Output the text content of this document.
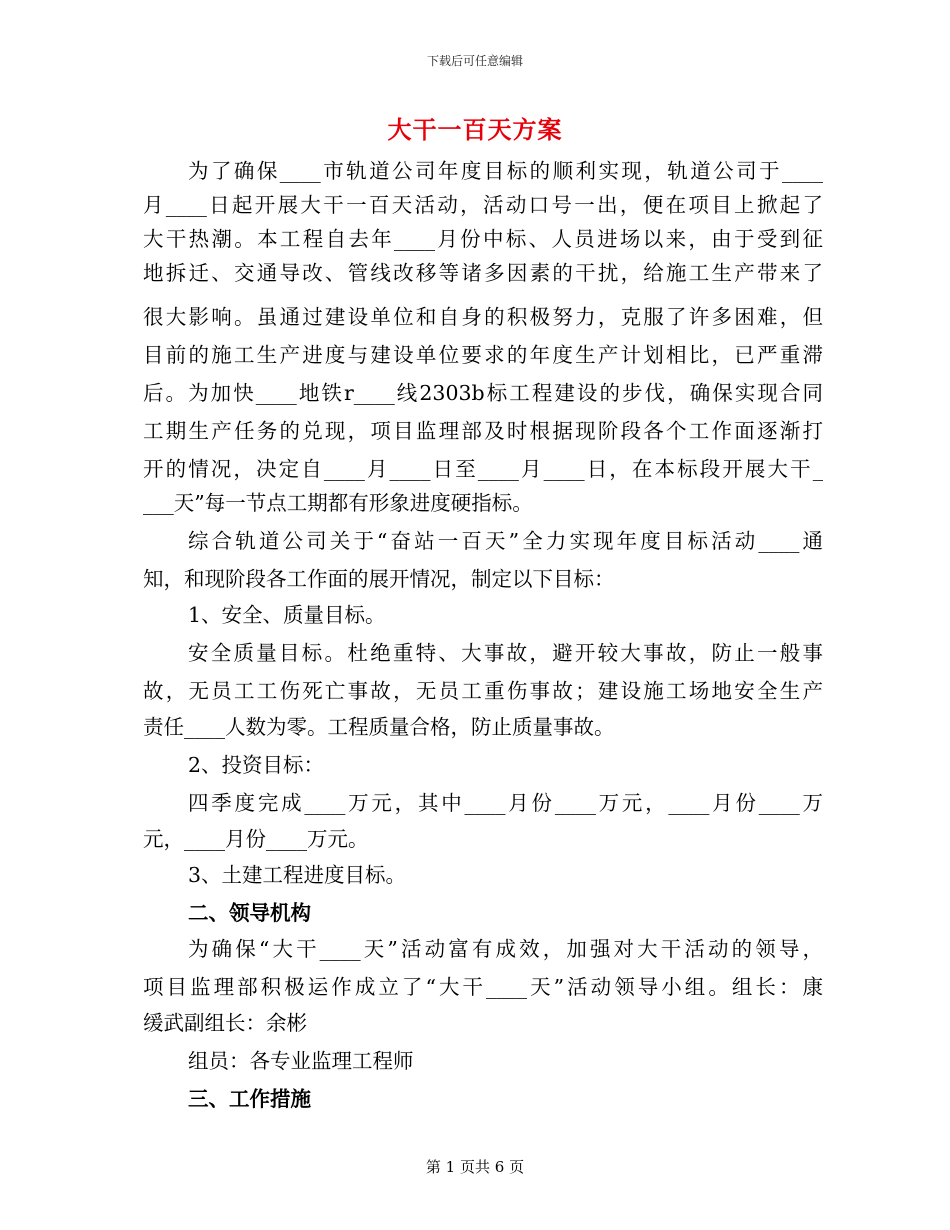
下载后可任意编辑
大干一百天方案
为了确保____市轨道公司年度目标的顺利实现，轨道公司于____
月____日起开展大干一百天活动，活动口号一出，便在项目上掀起了
大干热潮。本工程自去年____月份中标、人员进场以来，由于受到征
地拆迁、交通导改、管线改移等诸多因素的干扰，给施工生产带来了
很大影响。虽通过建设单位和自身的积极努力，克服了许多困难，但
目前的施工生产进度与建设单位要求的年度生产计划相比，已严重滞
后。为加快____地铁r____线2303b标工程建设的步伐，确保实现合同
工期生产任务的兑现，项目监理部及时根据现阶段各个工作面逐渐打
开的情况，决定自____月____日至____月____日，在本标段开展大干_
___天”每一节点工期都有形象进度硬指标。
综合轨道公司关于“奋站一百天”全力实现年度目标活动____通
知，和现阶段各工作面的展开情况，制定以下目标：
1、安全、质量目标。
安全质量目标。杜绝重特、大事故，避开较大事故，防止一般事
故，无员工工伤死亡事故，无员工重伤事故；建设施工场地安全生产
责任____人数为零。工程质量合格，防止质量事故。
2、投资目标：
四季度完成____万元，其中____月份____万元，____月份____万
元，____月份____万元。
3、土建工程进度目标。
二、领导机构
为确保“大干____天”活动富有成效，加强对大干活动的领导，
项目监理部积极运作成立了“大干____天”活动领导小组。组长：康
缓武副组长：余彬
组员：各专业监理工程师
三、工作措施
第 1 页共 6 页
